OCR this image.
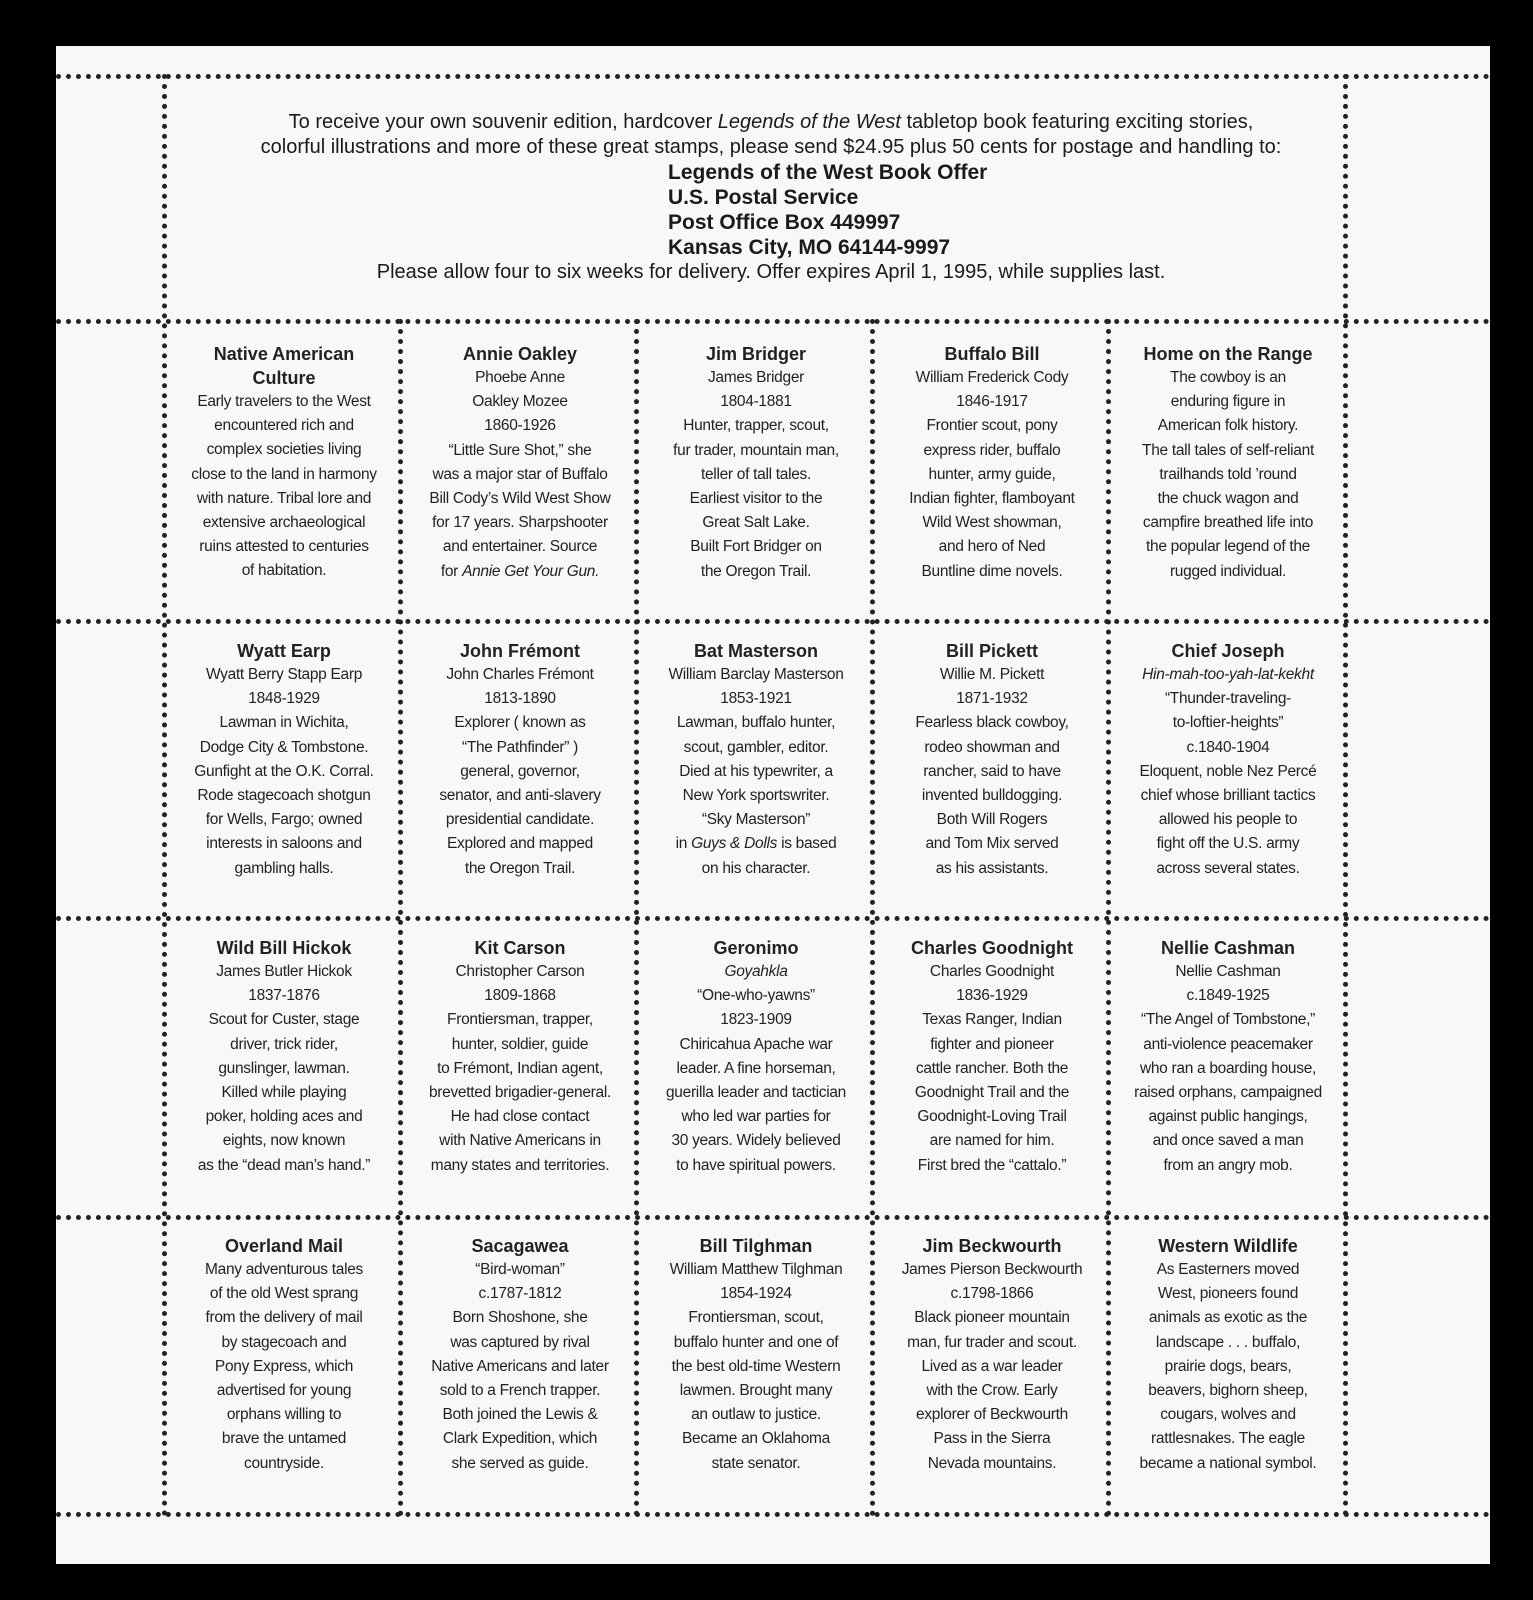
To receive your own souvenir edition, hardcover Legends of the West tabletop book featuring exciting stories,
colorful illustrations and more of these great stamps, please send $24.95 plus 50 cents for postage and handling to:
Legends of the West Book Offer
U.S. Postal Service
Post Office Box 449997
Kansas City, MO 64144-9997
Please allow four to six weeks for delivery. Offer expires April 1, 1995, while supplies last.
Native American
Culture
Early travelers to the West
encountered rich and
complex societies living
close to the land in harmony
with nature. Tribal lore and
extensive archaeological
ruins attested to centuries
of habitation.
Annie Oakley
Phoebe Anne
Oakley Mozee
1860-1926
“Little Sure Shot,” she
was a major star of Buffalo
Bill Cody’s Wild West Show
for 17 years. Sharpshooter
and entertainer. Source
for Annie Get Your Gun.
Jim Bridger
James Bridger
1804-1881
Hunter, trapper, scout,
fur trader, mountain man,
teller of tall tales.
Earliest visitor to the
Great Salt Lake.
Built Fort Bridger on
the Oregon Trail.
Buffalo Bill
William Frederick Cody
1846-1917
Frontier scout, pony
express rider, buffalo
hunter, army guide,
Indian fighter, flamboyant
Wild West showman,
and hero of Ned
Buntline dime novels.
Home on the Range
The cowboy is an
enduring figure in
American folk history.
The tall tales of self-reliant
trailhands told ’round
the chuck wagon and
campfire breathed life into
the popular legend of the
rugged individual.
Wyatt Earp
Wyatt Berry Stapp Earp
1848-1929
Lawman in Wichita,
Dodge City & Tombstone.
Gunfight at the O.K. Corral.
Rode stagecoach shotgun
for Wells, Fargo; owned
interests in saloons and
gambling halls.
John Frémont
John Charles Frémont
1813-1890
Explorer ( known as
“The Pathfinder” )
general, governor,
senator, and anti-slavery
presidential candidate.
Explored and mapped
the Oregon Trail.
Bat Masterson
William Barclay Masterson
1853-1921
Lawman, buffalo hunter,
scout, gambler, editor.
Died at his typewriter, a
New York sportswriter.
“Sky Masterson”
in Guys & Dolls is based
on his character.
Bill Pickett
Willie M. Pickett
1871-1932
Fearless black cowboy,
rodeo showman and
rancher, said to have
invented bulldogging.
Both Will Rogers
and Tom Mix served
as his assistants.
Chief Joseph
Hin-mah-too-yah-lat-kekht
“Thunder-traveling-
to-loftier-heights”
c.1840-1904
Eloquent, noble Nez Percé
chief whose brilliant tactics
allowed his people to
fight off the U.S. army
across several states.
Wild Bill Hickok
James Butler Hickok
1837-1876
Scout for Custer, stage
driver, trick rider,
gunslinger, lawman.
Killed while playing
poker, holding aces and
eights, now known
as the “dead man’s hand.”
Kit Carson
Christopher Carson
1809-1868
Frontiersman, trapper,
hunter, soldier, guide
to Frémont, Indian agent,
brevetted brigadier-general.
He had close contact
with Native Americans in
many states and territories.
Geronimo
Goyahkla
“One-who-yawns”
1823-1909
Chiricahua Apache war
leader. A fine horseman,
guerilla leader and tactician
who led war parties for
30 years. Widely believed
to have spiritual powers.
Charles Goodnight
Charles Goodnight
1836-1929
Texas Ranger, Indian
fighter and pioneer
cattle rancher. Both the
Goodnight Trail and the
Goodnight-Loving Trail
are named for him.
First bred the “cattalo.”
Nellie Cashman
Nellie Cashman
c.1849-1925
“The Angel of Tombstone,”
anti-violence peacemaker
who ran a boarding house,
raised orphans, campaigned
against public hangings,
and once saved a man
from an angry mob.
Overland Mail
Many adventurous tales
of the old West sprang
from the delivery of mail
by stagecoach and
Pony Express, which
advertised for young
orphans willing to
brave the untamed
countryside.
Sacagawea
“Bird-woman”
c.1787-1812
Born Shoshone, she
was captured by rival
Native Americans and later
sold to a French trapper.
Both joined the Lewis &
Clark Expedition, which
she served as guide.
Bill Tilghman
William Matthew Tilghman
1854-1924
Frontiersman, scout,
buffalo hunter and one of
the best old-time Western
lawmen. Brought many
an outlaw to justice.
Became an Oklahoma
state senator.
Jim Beckwourth
James Pierson Beckwourth
c.1798-1866
Black pioneer mountain
man, fur trader and scout.
Lived as a war leader
with the Crow. Early
explorer of Beckwourth
Pass in the Sierra
Nevada mountains.
Western Wildlife
As Easterners moved
West, pioneers found
animals as exotic as the
landscape . . . buffalo,
prairie dogs, bears,
beavers, bighorn sheep,
cougars, wolves and
rattlesnakes. The eagle
became a national symbol.
